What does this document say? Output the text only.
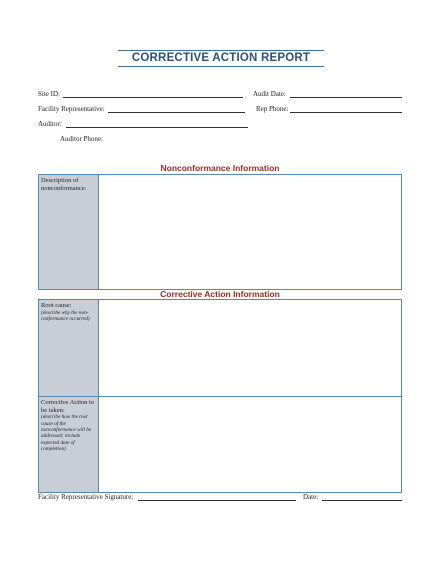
CORRECTIVE ACTION REPORT
Site ID:	Audit Date:
Facility Representative:	Rep Phone:
Auditor:
Auditor Phone:
Nonconformance Information
Description of nonconformance:
Corrective Action Information
Root cause:
(describe why the non-conformance occurred)
Corrective Action to be taken:
(describe how the root cause of the nonconformance will be addressed; include expected date of completion)
Facility Representative Signature:	Date:
